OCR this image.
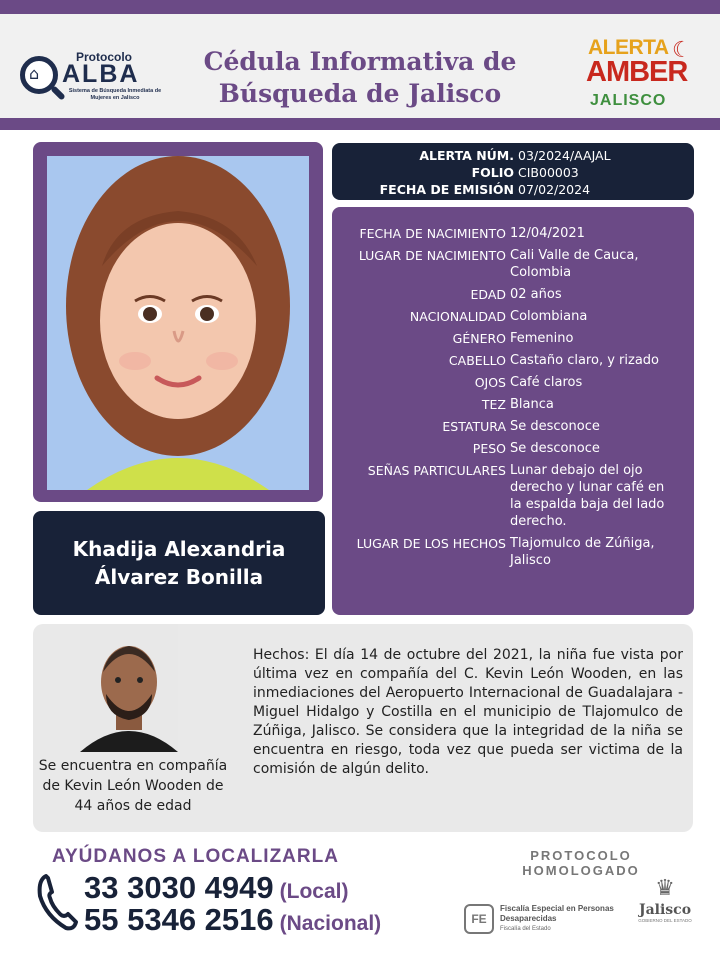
⌂
Protocolo
ALBA
Sistema de Búsqueda Inmediata de Mujeres en Jalisco
Cédula Informativa de
Búsqueda de Jalisco
ALERTA ☾
AMBER
JALISCO
Khadija Alexandria
Álvarez Bonilla
ALERTA NÚM. 03/2024/AAJAL
FOLIO CIB00003
FECHA DE EMISIÓN 07/02/2024
FECHA DE NACIMIENTO 12/04/2021
LUGAR DE NACIMIENTO Cali Valle de Cauca, Colombia
EDAD 02 años
NACIONALIDAD Colombiana
GÉNERO Femenino
CABELLO Castaño claro, y rizado
OJOS Café claros
TEZ Blanca
ESTATURA Se desconoce
PESO Se desconoce
SEÑAS PARTICULARES Lunar debajo del ojo derecho y lunar café en la espalda baja del lado derecho.
LUGAR DE LOS HECHOS Tlajomulco de Zúñiga, Jalisco
Se encuentra en compañía de Kevin León Wooden de 44 años de edad
Hechos: El día 14 de octubre del 2021, la niña fue vista por última vez en compañía del C. Kevin León Wooden, en las inmediaciones del Aeropuerto Internacional de Guadalajara - Miguel Hidalgo y Costilla en el municipio de Tlajomulco de Zúñiga, Jalisco. Se considera que la integridad de la niña se encuentra en riesgo, toda vez que pueda ser victima de la comisión de algún delito.
AYÚDANOS A LOCALIZARLA
33 3030 4949 (Local)
55 5346 2516 (Nacional)
PROTOCOLO
HOMOLOGADO
FE
Fiscalía Especial en Personas Desaparecidas
Fiscalía del Estado
♛
Jalisco
GOBIERNO DEL ESTADO
